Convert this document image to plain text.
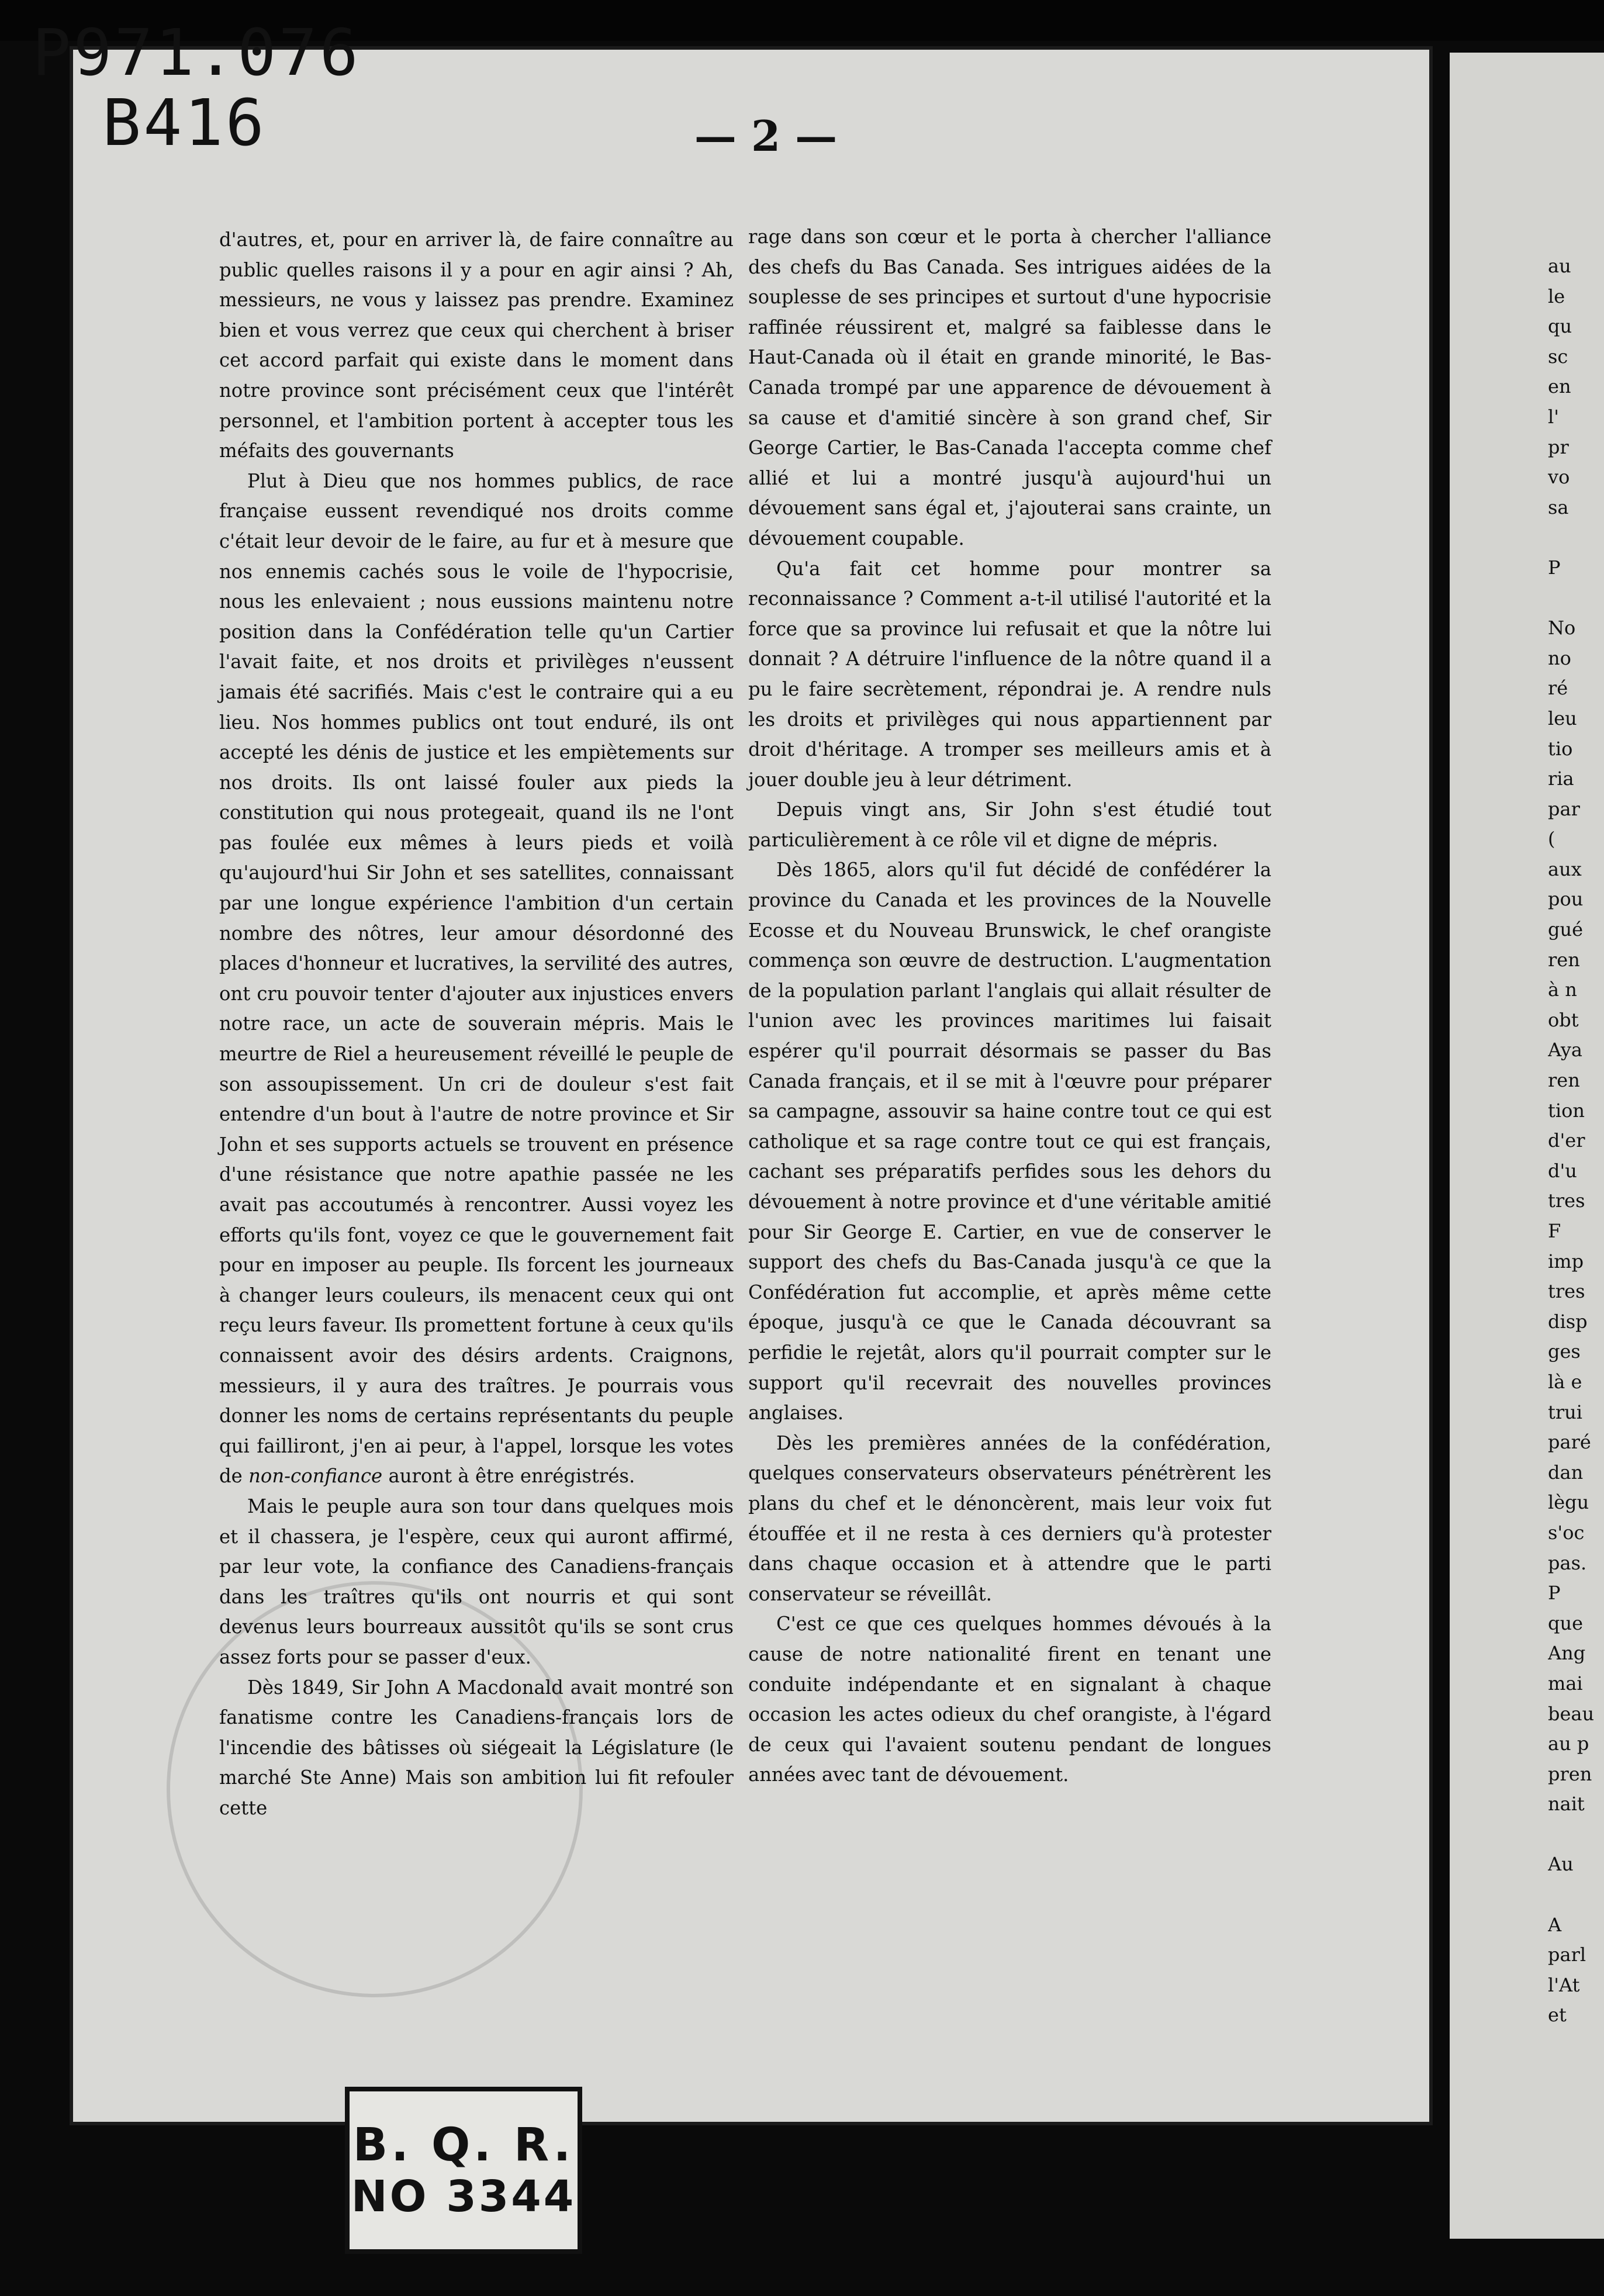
P971.076
B416	— 2 —

d'autres, et, pour en arriver là, de faire connaître au public quelles raisons il y a pour en agir ainsi ? Ah, messieurs, ne vous y laissez pas prendre. Examinez bien et vous verrez que ceux qui cherchent à briser cet accord parfait qui existe dans le moment dans notre province sont précisément ceux que l'intérêt personnel, et l'ambition portent à accepter tous les méfaits des gouvernants

Plut à Dieu que nos hommes publics, de race française eussent revendiqué nos droits comme c'était leur devoir de le faire, au fur et à mesure que nos ennemis cachés sous le voile de l'hypocrisie, nous les enlevaient ; nous eussions maintenu notre position dans la Confédération telle qu'un Cartier l'avait faite, et nos droits et privilèges n'eussent jamais été sacrifiés. Mais c'est le contraire qui a eu lieu. Nos hommes publics ont tout enduré, ils ont accepté les dénis de justice et les empiètements sur nos droits. Ils ont laissé fouler aux pieds la constitution qui nous protegeait, quand ils ne l'ont pas foulée eux mêmes à leurs pieds et voilà qu'aujourd'hui Sir John et ses satellites, connaissant par une longue expérience l'ambition d'un certain nombre des nôtres, leur amour désordonné des places d'honneur et lucratives, la servilité des autres, ont cru pouvoir tenter d'ajouter aux injustices envers notre race, un acte de souverain mépris. Mais le meurtre de Riel a heureusement réveillé le peuple de son assoupissement. Un cri de douleur s'est fait entendre d'un bout à l'autre de notre province et Sir John et ses supports actuels se trouvent en présence d'une résistance que notre apathie passée ne les avait pas accoutumés à rencontrer. Aussi voyez les efforts qu'ils font, voyez ce que le gouvernement fait pour en imposer au peuple. Ils forcent les journeaux à changer leurs couleurs, ils menacent ceux qui ont reçu leurs faveur. Ils promettent fortune à ceux qu'ils connaissent avoir des désirs ardents. Craignons, messieurs, il y aura des traîtres. Je pourrais vous donner les noms de certains représentants du peuple qui failliront, j'en ai peur, à l'appel, lorsque les votes de non-confiance auront à être enrégistrés.

Mais le peuple aura son tour dans quelques mois et il chassera, je l'espère, ceux qui auront affirmé, par leur vote, la confiance des Canadiens-français dans les traîtres qu'ils ont nourris et qui sont devenus leurs bourreaux aussitôt qu'ils se sont crus assez forts pour se passer d'eux.

Dès 1849, Sir John A Macdonald avait montré son fanatisme contre les Canadiens-français lors de l'incendie des bâtisses où siégeait la Législature (le marché Ste Anne) Mais son ambition lui fit refouler cette

rage dans son cœur et le porta à chercher l'alliance des chefs du Bas Canada. Ses intrigues aidées de la souplesse de ses principes et surtout d'une hypocrisie raffinée réussirent et, malgré sa faiblesse dans le Haut-Canada où il était en grande minorité, le Bas-Canada trompé par une apparence de dévouement à sa cause et d'amitié sincère à son grand chef, Sir George Cartier, le Bas-Canada l'accepta comme chef allié et lui a montré jusqu'à aujourd'hui un dévouement sans égal et, j'ajouterai sans crainte, un dévouement coupable.

Qu'a fait cet homme pour montrer sa reconnaissance ? Comment a-t-il utilisé l'autorité et la force que sa province lui refusait et que la nôtre lui donnait ? A détruire l'influence de la nôtre quand il a pu le faire secrètement, répondrai je. A rendre nuls les droits et privilèges qui nous appartiennent par droit d'héritage. A tromper ses meilleurs amis et à jouer double jeu à leur détriment.

Depuis vingt ans, Sir John s'est étudié tout particulièrement à ce rôle vil et digne de mépris.

Dès 1865, alors qu'il fut décidé de confédérer la province du Canada et les provinces de la Nouvelle Ecosse et du Nouveau Brunswick, le chef orangiste commença son œuvre de destruction. L'augmentation de la population parlant l'anglais qui allait résulter de l'union avec les provinces maritimes lui faisait espérer qu'il pourrait désormais se passer du Bas Canada français, et il se mit à l'œuvre pour préparer sa campagne, assouvir sa haine contre tout ce qui est catholique et sa rage contre tout ce qui est français, cachant ses préparatifs perfides sous les dehors du dévouement à notre province et d'une véritable amitié pour Sir George E. Cartier, en vue de conserver le support des chefs du Bas-Canada jusqu'à ce que la Confédération fut accomplie, et après même cette époque, jusqu'à ce que le Canada découvrant sa perfidie le rejetât, alors qu'il pourrait compter sur le support qu'il recevrait des nouvelles provinces anglaises.

Dès les premières années de la confédération, quelques conservateurs observateurs pénétrèrent les plans du chef et le dénoncèrent, mais leur voix fut étouffée et il ne resta à ces derniers qu'à protester dans chaque occasion et à attendre que le parti conservateur se réveillât.

C'est ce que ces quelques hommes dévoués à la cause de notre nationalité firent en tenant une conduite indépendante et en signalant à chaque occasion les actes odieux du chef orangiste, à l'égard de ceux qui l'avaient soutenu pendant de longues années avec tant de dévouement.

au
le
qu
sc
en
l'
pr
vo
sa
P
No
no
ré
leu
tio
ria
par
(
aux
pou
gué
ren
à n
obt
Aya
ren
tion
d'er
d'u
tres
F
imp
tres
disp
ges
là e
trui
paré
dan
lègu
s'oc
pas.
P
que
Ang
mai
beau
au p
pren
nait
Au
A
parl
l'At
et
B. Q. R.
NO 3344
